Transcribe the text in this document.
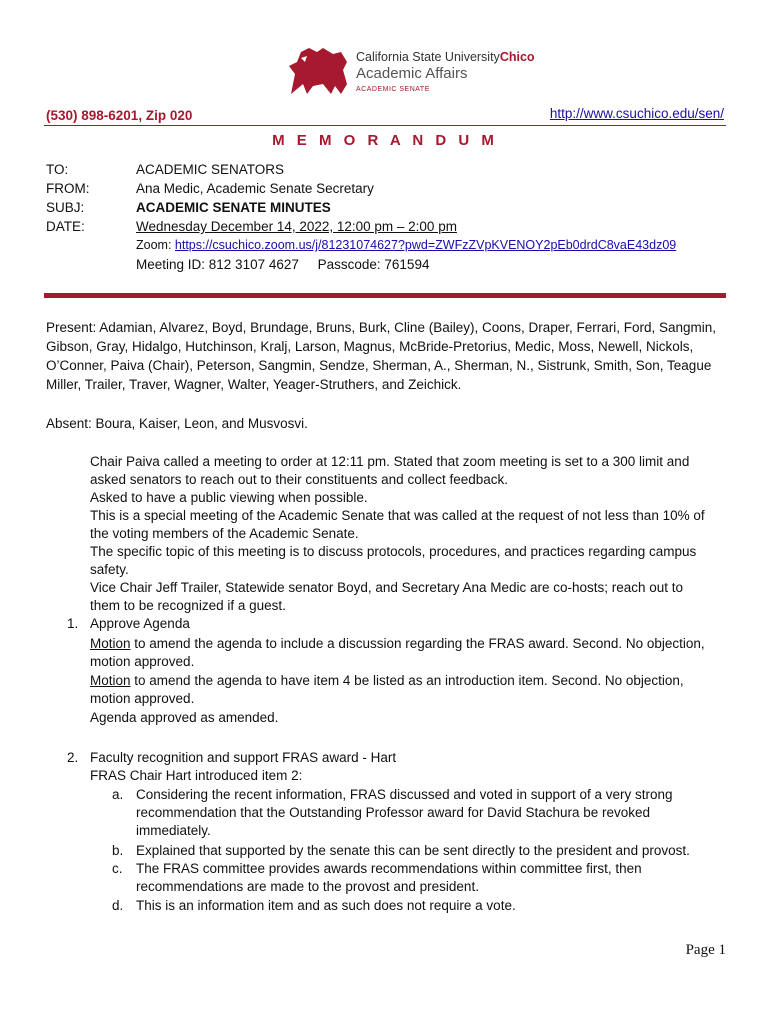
California State UniversityChico
Academic Affairs
ACADEMIC SENATE
(530) 898-6201, Zip 020	http://www.csuchico.edu/sen/
M E M O R A N D U M
TO:	ACADEMIC SENATORS
FROM:	Ana Medic, Academic Senate Secretary
SUBJ:	ACADEMIC SENATE MINUTES
DATE:	Wednesday December 14, 2022, 12:00 pm – 2:00 pm
Zoom: https://csuchico.zoom.us/j/81231074627?pwd=ZWFzZVpKVENOY2pEb0drdC8vaE43dz09
Meeting ID: 812 3107 4627     Passcode: 761594
Present: Adamian, Alvarez, Boyd, Brundage, Bruns, Burk, Cline (Bailey), Coons, Draper, Ferrari, Ford, Sangmin,
Gibson, Gray, Hidalgo, Hutchinson, Kralj, Larson, Magnus, McBride-Pretorius, Medic, Moss, Newell, Nickols,
O’Conner, Paiva (Chair), Peterson, Sangmin, Sendze, Sherman, A., Sherman, N., Sistrunk, Smith, Son, Teague
Miller, Trailer, Traver, Wagner, Walter, Yeager-Struthers, and Zeichick.
Absent: Boura, Kaiser, Leon, and Musvosvi.
Chair Paiva called a meeting to order at 12:11 pm. Stated that zoom meeting is set to a 300 limit and
asked senators to reach out to their constituents and collect feedback.
Asked to have a public viewing when possible.
This is a special meeting of the Academic Senate that was called at the request of not less than 10% of
the voting members of the Academic Senate.
The specific topic of this meeting is to discuss protocols, procedures, and practices regarding campus
safety.
Vice Chair Jeff Trailer, Statewide senator Boyd, and Secretary Ana Medic are co-hosts; reach out to
them to be recognized if a guest.
1. Approve Agenda
Motion to amend the agenda to include a discussion regarding the FRAS award. Second. No objection,
motion approved.
Motion to amend the agenda to have item 4 be listed as an introduction item. Second. No objection,
motion approved.
Agenda approved as amended.
2. Faculty recognition and support FRAS award - Hart
FRAS Chair Hart introduced item 2:
a. Considering the recent information, FRAS discussed and voted in support of a very strong
recommendation that the Outstanding Professor award for David Stachura be revoked
immediately.
b. Explained that supported by the senate this can be sent directly to the president and provost.
c. The FRAS committee provides awards recommendations within committee first, then
recommendations are made to the provost and president.
d. This is an information item and as such does not require a vote.
Page 1
